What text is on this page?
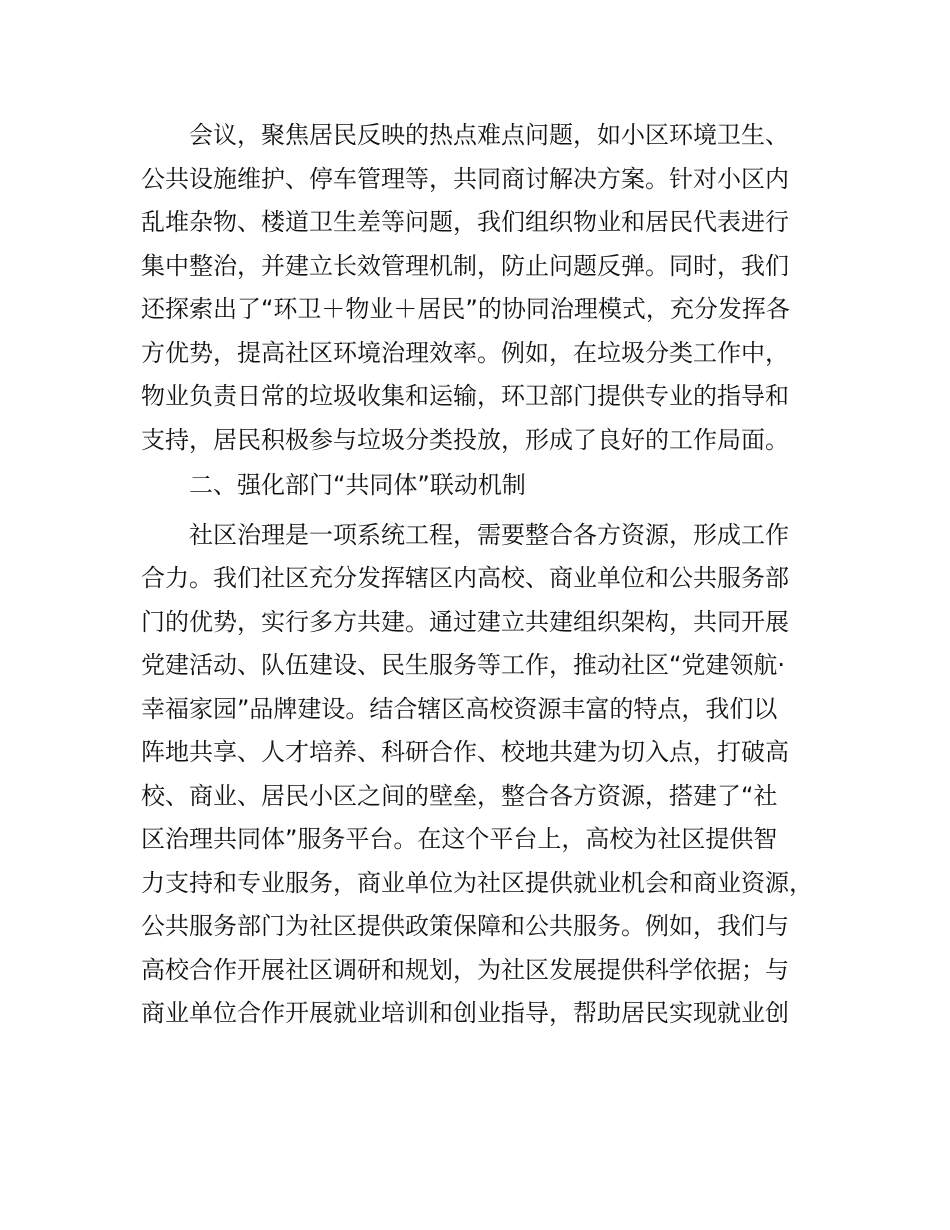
会议，聚焦居民反映的热点难点问题，如小区环境卫生、
公共设施维护、停车管理等，共同商讨解决方案。针对小区内
乱堆杂物、楼道卫生差等问题，我们组织物业和居民代表进行
集中整治，并建立长效管理机制，防止问题反弹。同时，我们
还探索出了“环卫＋物业＋居民”的协同治理模式，充分发挥各
方优势，提高社区环境治理效率。例如，在垃圾分类工作中，
物业负责日常的垃圾收集和运输，环卫部门提供专业的指导和
支持，居民积极参与垃圾分类投放，形成了良好的工作局面。
二、强化部门“共同体”联动机制
社区治理是一项系统工程，需要整合各方资源，形成工作
合力。我们社区充分发挥辖区内高校、商业单位和公共服务部
门的优势，实行多方共建。通过建立共建组织架构，共同开展
党建活动、队伍建设、民生服务等工作，推动社区“党建领航·
幸福家园”品牌建设。结合辖区高校资源丰富的特点，我们以
阵地共享、人才培养、科研合作、校地共建为切入点，打破高
校、商业、居民小区之间的壁垒，整合各方资源，搭建了“社
区治理共同体”服务平台。在这个平台上，高校为社区提供智
力支持和专业服务，商业单位为社区提供就业机会和商业资源，
公共服务部门为社区提供政策保障和公共服务。例如，我们与
高校合作开展社区调研和规划，为社区发展提供科学依据；与
商业单位合作开展就业培训和创业指导，帮助居民实现就业创
